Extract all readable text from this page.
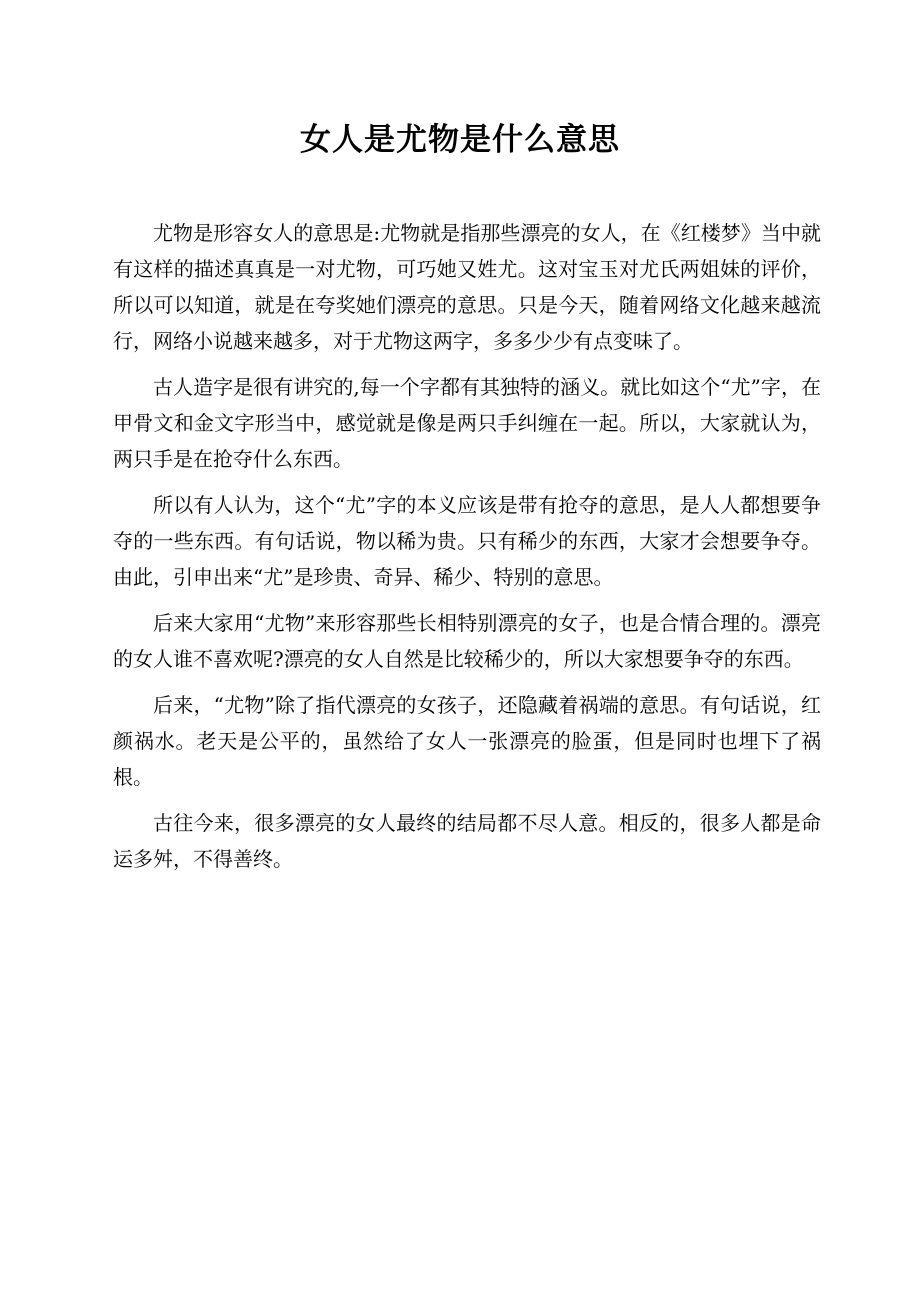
女人是尤物是什么意思

尤物是形容女人的意思是:尤物就是指那些漂亮的女人，在《红楼梦》当中就有这样的描述真真是一对尤物，可巧她又姓尤。这对宝玉对尤氏两姐妹的评价，所以可以知道，就是在夸奖她们漂亮的意思。只是今天，随着网络文化越来越流行，网络小说越来越多，对于尤物这两字，多多少少有点变味了。

古人造字是很有讲究的,每一个字都有其独特的涵义。就比如这个“尤”字，在甲骨文和金文字形当中，感觉就是像是两只手纠缠在一起。所以，大家就认为，两只手是在抢夺什么东西。

所以有人认为，这个“尤”字的本义应该是带有抢夺的意思，是人人都想要争夺的一些东西。有句话说，物以稀为贵。只有稀少的东西，大家才会想要争夺。由此，引申出来“尤”是珍贵、奇异、稀少、特别的意思。

后来大家用“尤物”来形容那些长相特别漂亮的女子，也是合情合理的。漂亮的女人谁不喜欢呢?漂亮的女人自然是比较稀少的，所以大家想要争夺的东西。

后来，“尤物”除了指代漂亮的女孩子，还隐藏着祸端的意思。有句话说，红颜祸水。老天是公平的，虽然给了女人一张漂亮的脸蛋，但是同时也埋下了祸根。

古往今来，很多漂亮的女人最终的结局都不尽人意。相反的，很多人都是命运多舛，不得善终。
